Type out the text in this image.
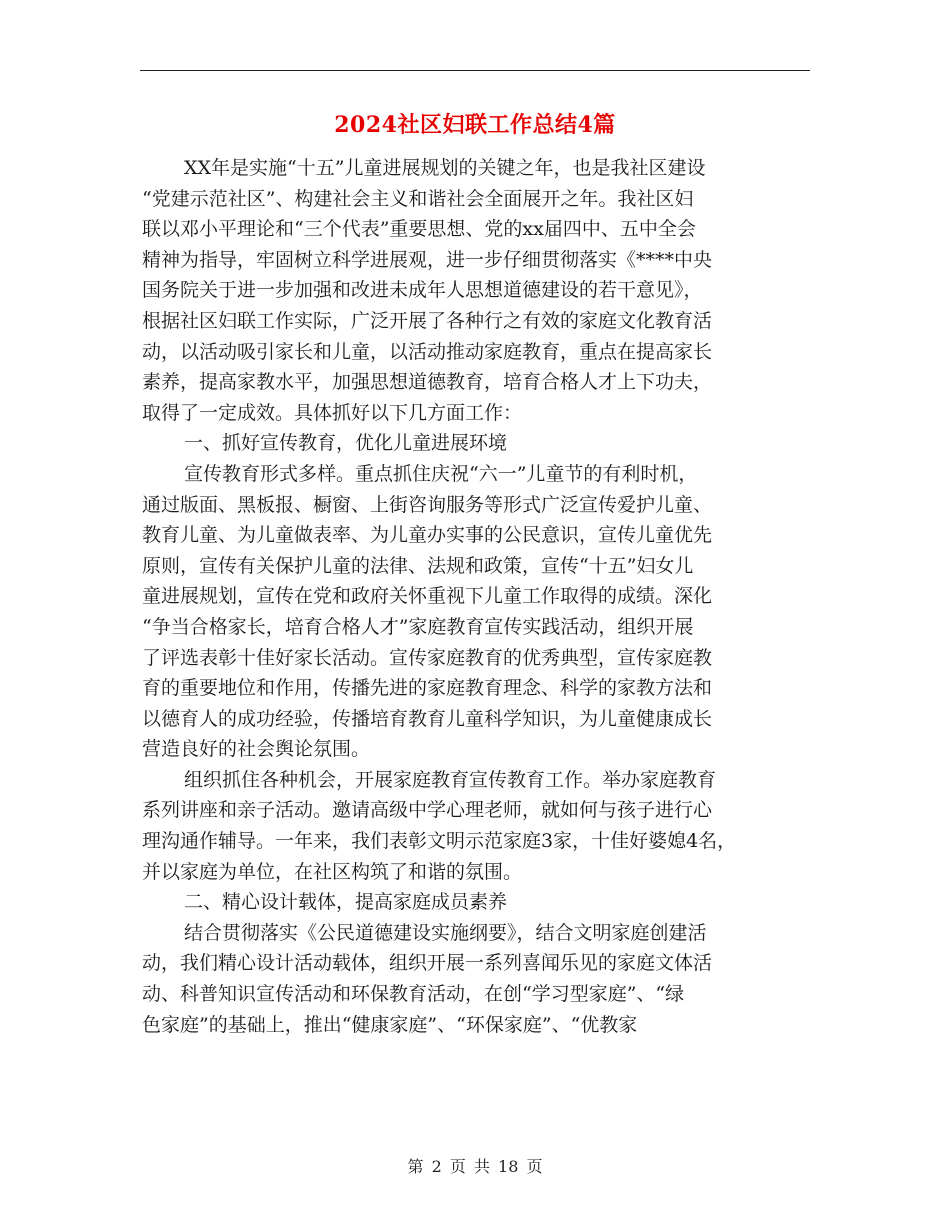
2024社区妇联工作总结4篇
XX年是实施“十五”儿童进展规划的关键之年，也是我社区建设
“党建示范社区”、构建社会主义和谐社会全面展开之年。我社区妇
联以邓小平理论和“三个代表”重要思想、党的xx届四中、五中全会
精神为指导，牢固树立科学进展观，进一步仔细贯彻落实《****中央
国务院关于进一步加强和改进未成年人思想道德建设的若干意见》，
根据社区妇联工作实际，广泛开展了各种行之有效的家庭文化教育活
动，以活动吸引家长和儿童，以活动推动家庭教育，重点在提高家长
素养，提高家教水平，加强思想道德教育，培育合格人才上下功夫，
取得了一定成效。具体抓好以下几方面工作：
一、抓好宣传教育，优化儿童进展环境
宣传教育形式多样。重点抓住庆祝“六一”儿童节的有利时机，
通过版面、黑板报、橱窗、上街咨询服务等形式广泛宣传爱护儿童、
教育儿童、为儿童做表率、为儿童办实事的公民意识，宣传儿童优先
原则，宣传有关保护儿童的法律、法规和政策，宣传“十五”妇女儿
童进展规划，宣传在党和政府关怀重视下儿童工作取得的成绩。深化
“争当合格家长，培育合格人才”家庭教育宣传实践活动，组织开展
了评选表彰十佳好家长活动。宣传家庭教育的优秀典型，宣传家庭教
育的重要地位和作用，传播先进的家庭教育理念、科学的家教方法和
以德育人的成功经验，传播培育教育儿童科学知识，为儿童健康成长
营造良好的社会舆论氛围。
组织抓住各种机会，开展家庭教育宣传教育工作。举办家庭教育
系列讲座和亲子活动。邀请高级中学心理老师，就如何与孩子进行心
理沟通作辅导。一年来，我们表彰文明示范家庭3家，十佳好婆媳4名，
并以家庭为单位，在社区构筑了和谐的氛围。
二、精心设计载体，提高家庭成员素养
结合贯彻落实《公民道德建设实施纲要》，结合文明家庭创建活
动，我们精心设计活动载体，组织开展一系列喜闻乐见的家庭文体活
动、科普知识宣传活动和环保教育活动，在创“学习型家庭”、“绿
色家庭”的基础上，推出“健康家庭”、“环保家庭”、“优教家
第 2 页 共 18 页
